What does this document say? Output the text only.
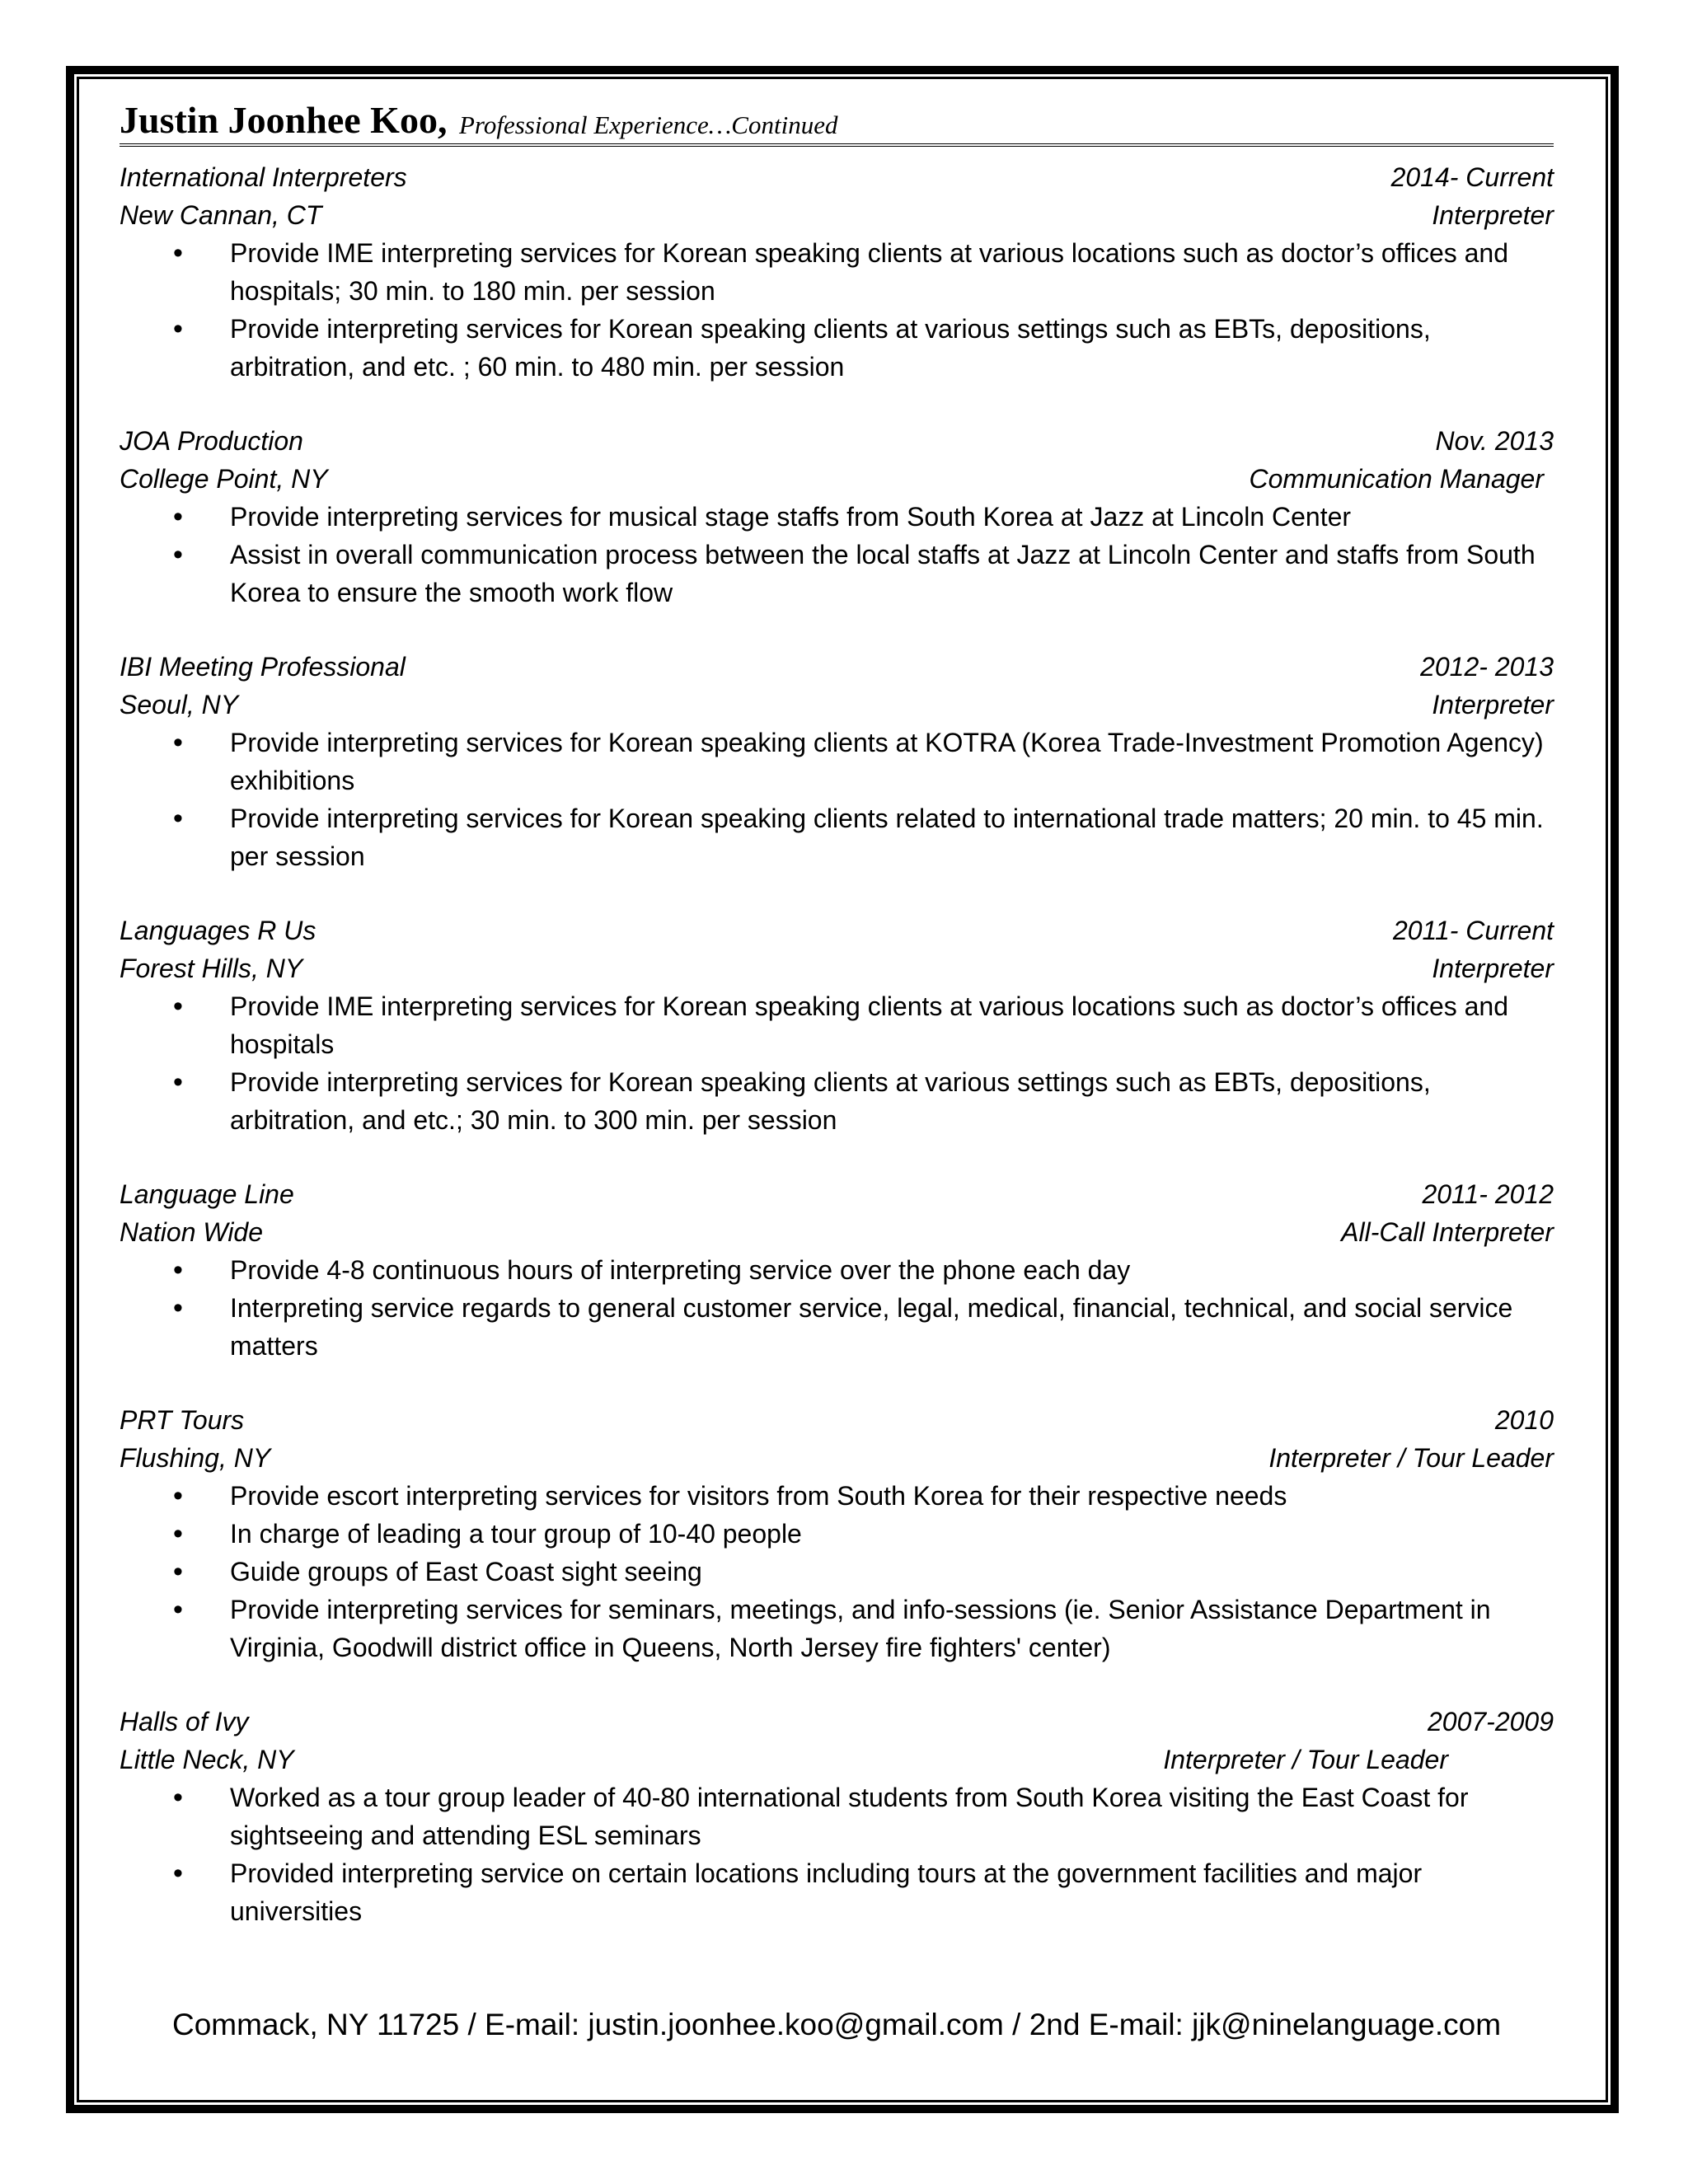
Justin Joonhee Koo, Professional Experience…Continued
International Interpreters	2014- Current
New Cannan, CT	Interpreter
• Provide IME interpreting services for Korean speaking clients at various locations such as doctor’s offices and hospitals; 30 min. to 180 min. per session
• Provide interpreting services for Korean speaking clients at various settings such as EBTs, depositions, arbitration, and etc. ; 60 min. to 480 min. per session
JOA Production	Nov. 2013
College Point, NY	Communication Manager
• Provide interpreting services for musical stage staffs from South Korea at Jazz at Lincoln Center
• Assist in overall communication process between the local staffs at Jazz at Lincoln Center and staffs from South Korea to ensure the smooth work flow
IBI Meeting Professional	2012- 2013
Seoul, NY	Interpreter
• Provide interpreting services for Korean speaking clients at KOTRA (Korea Trade-Investment Promotion Agency) exhibitions
• Provide interpreting services for Korean speaking clients related to international trade matters; 20 min. to 45 min. per session
Languages R Us	2011- Current
Forest Hills, NY	Interpreter
• Provide IME interpreting services for Korean speaking clients at various locations such as doctor’s offices and hospitals
• Provide interpreting services for Korean speaking clients at various settings such as EBTs, depositions, arbitration, and etc.; 30 min. to 300 min. per session
Language Line	2011- 2012
Nation Wide	All-Call Interpreter
• Provide 4-8 continuous hours of interpreting service over the phone each day
• Interpreting service regards to general customer service, legal, medical, financial, technical, and social service matters
PRT Tours	2010
Flushing, NY	Interpreter / Tour Leader
• Provide escort interpreting services for visitors from South Korea for their respective needs
• In charge of leading a tour group of 10-40 people
• Guide groups of East Coast sight seeing
• Provide interpreting services for seminars, meetings, and info-sessions (ie. Senior Assistance Department in Virginia, Goodwill district office in Queens, North Jersey fire fighters' center)
Halls of Ivy	2007-2009
Little Neck, NY	Interpreter / Tour Leader
• Worked as a tour group leader of 40-80 international students from South Korea visiting the East Coast for sightseeing and attending ESL seminars
• Provided interpreting service on certain locations including tours at the government facilities and major universities
Commack, NY 11725 / E-mail: justin.joonhee.koo@gmail.com / 2nd E-mail: jjk@ninelanguage.com
